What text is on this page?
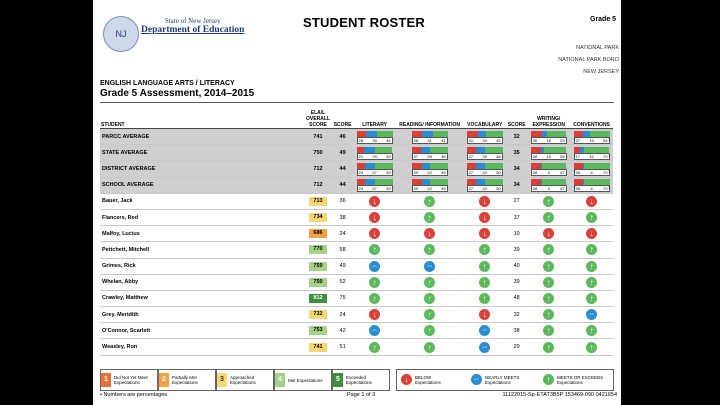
NJ
State of New Jersey
Department of Education	STUDENT ROSTER	Grade 5
NATIONAL PARK
NATIONAL PARK BORO
NEW JERSEY
ENGLISH LANGUAGE ARTS / LITERACY
Grade 5 Assessment, 2014–2015
STUDENT	ELA/L OVERALL SCORE	SCORE	LITERARY	READING/ INFORMATION	VOCABULARY	SCORE	WRITING/
EXPRESSION	CONVENTIONS
PARCC AVERAGE	741	46	26 30 44	28 31 41	31 24 45	32	30 16 53	27 19 54

STATE AVERAGE	750	49	21 29 49	27 25 48	27 25 48	35	28 10 59	17 12 70

DISTRICT AVERAGE	712	44	24 27 49	29 22 49	27 23 50	34	28 4 67	26 4 70

SCHOOL AVERAGE	712	44	24 27 49	29 22 49	27 23 50	34	28 4 67	26 4 70

Bauer, Jack	713	36	↓	↑	↓	27	↑	↓
Flancers, Red	734	38	↓	↑	↓	37	↑	↑
Malfoy, Lucius	686	24	↓	↓	↓	10	↓	↓
Pettchett, Mitchell	770	58	↑	↑	↑	39	↑	↑
Grimes, Rick	759	49	⇔	⇔	↑	40	↑	↑
Whelan, Abby	750	52	↑	↑	↑	39	↑	↑
Crawley, Matthew	812	75	↑	↑	↑	48	↑	↑
Grey, Meridith	732	24	↓	↑	↓	32	↑	⇔
O'Connor, Scarlett	753	42	⇔	↑	⇔	38	↑	↑
Weasley, Ron	741	51	↑	↑	⇔	29	↑	↑
1	Did Not Yet Meet Expectations	2	Partially Met Expectations	3	Approached Expectations	4	Met Expectations	5	Exceeded Expectations	↓	BELOW Expectations	⇔	NEARLY MEETS Expectations	↑	MEETS OR EXCEEDS Expectations
• Numbers are percentages	Page 1 of 3	11122015-Sp-ETAT3B5P 153469-090 0421654
